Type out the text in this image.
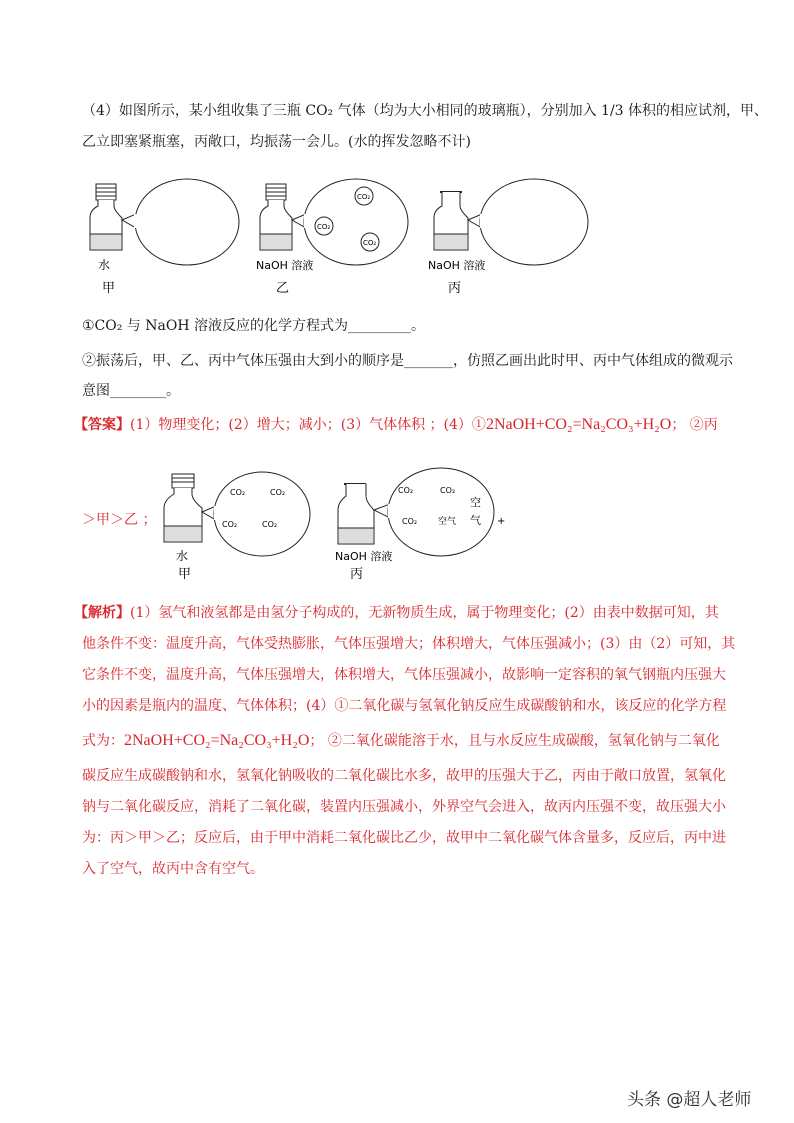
（4）如图所示，某小组收集了三瓶 CO₂ 气体（均为大小相同的玻璃瓶），分别加入 1/3 体积的相应试剂，甲、
乙立即塞紧瓶塞，丙敞口，均振荡一会儿。(水的挥发忽略不计)
水
甲
CO₂
CO₂
CO₂
NaOH 溶液
乙
NaOH 溶液
丙
①CO₂ 与 NaOH 溶液反应的化学方程式为_________。
②振荡后，甲、乙、丙中气体压强由大到小的顺序是_______，仿照乙画出此时甲、丙中气体组成的微观示
意图________。
【答案】(1）物理变化；(2）增大；减小；(3）气体体积 ；(4）①2NaOH+CO₂=Na₂CO₃+H₂O； ②丙
＞甲＞乙 ；
CO₂	CO₂
CO₂	CO₂
水
甲
CO₂	CO₂
CO₂ 空气
空
气 +
NaOH 溶液
丙
【解析】(1）氢气和液氢都是由氢分子构成的，无新物质生成，属于物理变化；(2）由表中数据可知，其
他条件不变：温度升高，气体受热膨胀，气体压强增大；体积增大，气体压强减小；(3）由（2）可知，其
它条件不变，温度升高，气体压强增大，体积增大，气体压强减小，故影响一定容积的氧气钢瓶内压强大
小的因素是瓶内的温度、气体体积；(4）①二氧化碳与氢氧化钠反应生成碳酸钠和水，该反应的化学方程
式为：2NaOH+CO₂=Na₂CO₃+H₂O； ②二氧化碳能溶于水，且与水反应生成碳酸，氢氧化钠与二氧化
碳反应生成碳酸钠和水，氢氧化钠吸收的二氧化碳比水多，故甲的压强大于乙，丙由于敞口放置，氢氧化
钠与二氧化碳反应，消耗了二氧化碳，装置内压强减小，外界空气会进入，故丙内压强不变，故压强大小
为：丙＞甲＞乙；反应后，由于甲中消耗二氧化碳比乙少，故甲中二氧化碳气体含量多，反应后，丙中进
入了空气，故丙中含有空气。
头条 @超人老师
